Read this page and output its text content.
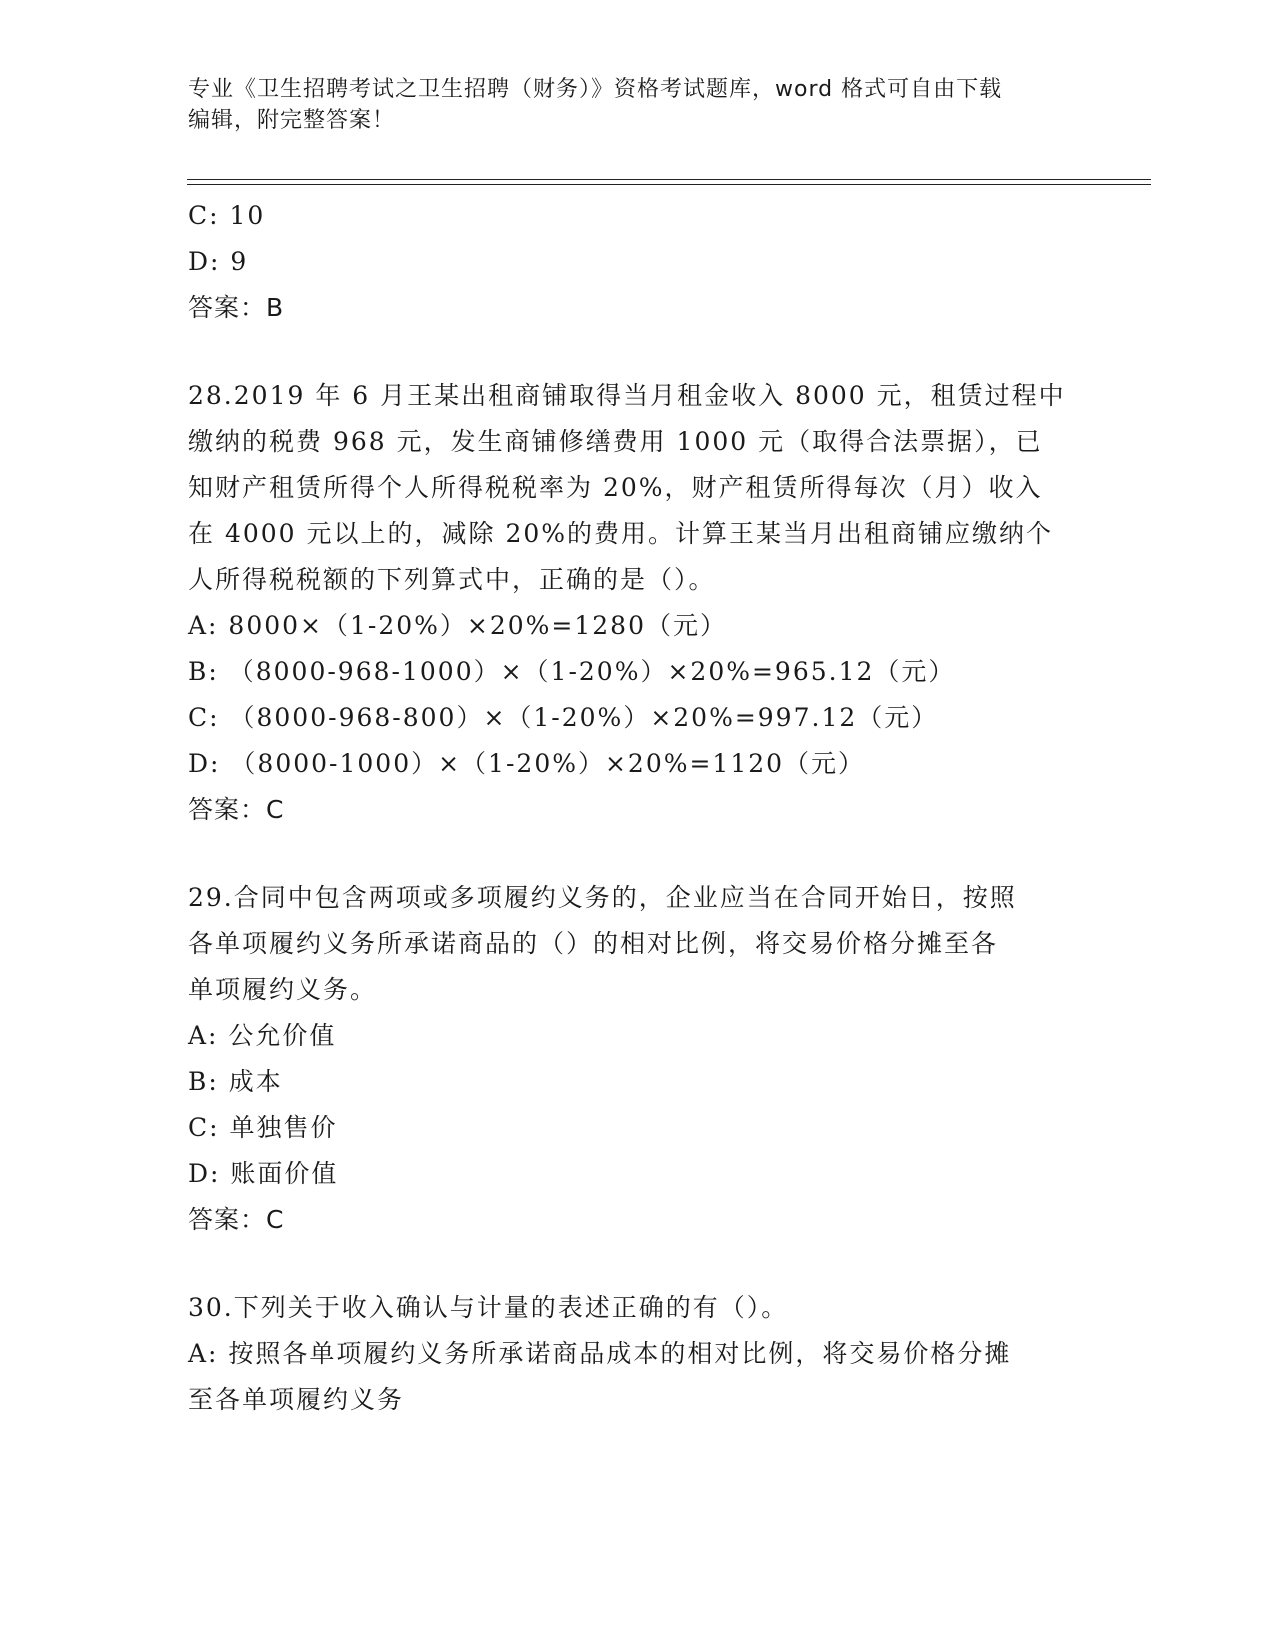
专业《卫生招聘考试之卫生招聘（财务）》资格考试题库，word 格式可自由下载
编辑，附完整答案！
C: 10
D: 9
答案：B
28.2019 年 6 月王某出租商铺取得当月租金收入 8000 元，租赁过程中
缴纳的税费 968 元，发生商铺修缮费用 1000 元（取得合法票据），已
知财产租赁所得个人所得税税率为 20%，财产租赁所得每次（月）收入
在 4000 元以上的，减除 20%的费用。计算王某当月出租商铺应缴纳个
人所得税税额的下列算式中，正确的是（）。
A: 8000×（1-20%）×20%=1280（元）
B: （8000-968-1000）×（1-20%）×20%=965.12（元）
C: （8000-968-800）×（1-20%）×20%=997.12（元）
D: （8000-1000）×（1-20%）×20%=1120（元）
答案：C
29.合同中包含两项或多项履约义务的，企业应当在合同开始日，按照
各单项履约义务所承诺商品的（）的相对比例，将交易价格分摊至各
单项履约义务。
A: 公允价值
B: 成本
C: 单独售价
D: 账面价值
答案：C
30.下列关于收入确认与计量的表述正确的有（）。
A: 按照各单项履约义务所承诺商品成本的相对比例，将交易价格分摊
至各单项履约义务
